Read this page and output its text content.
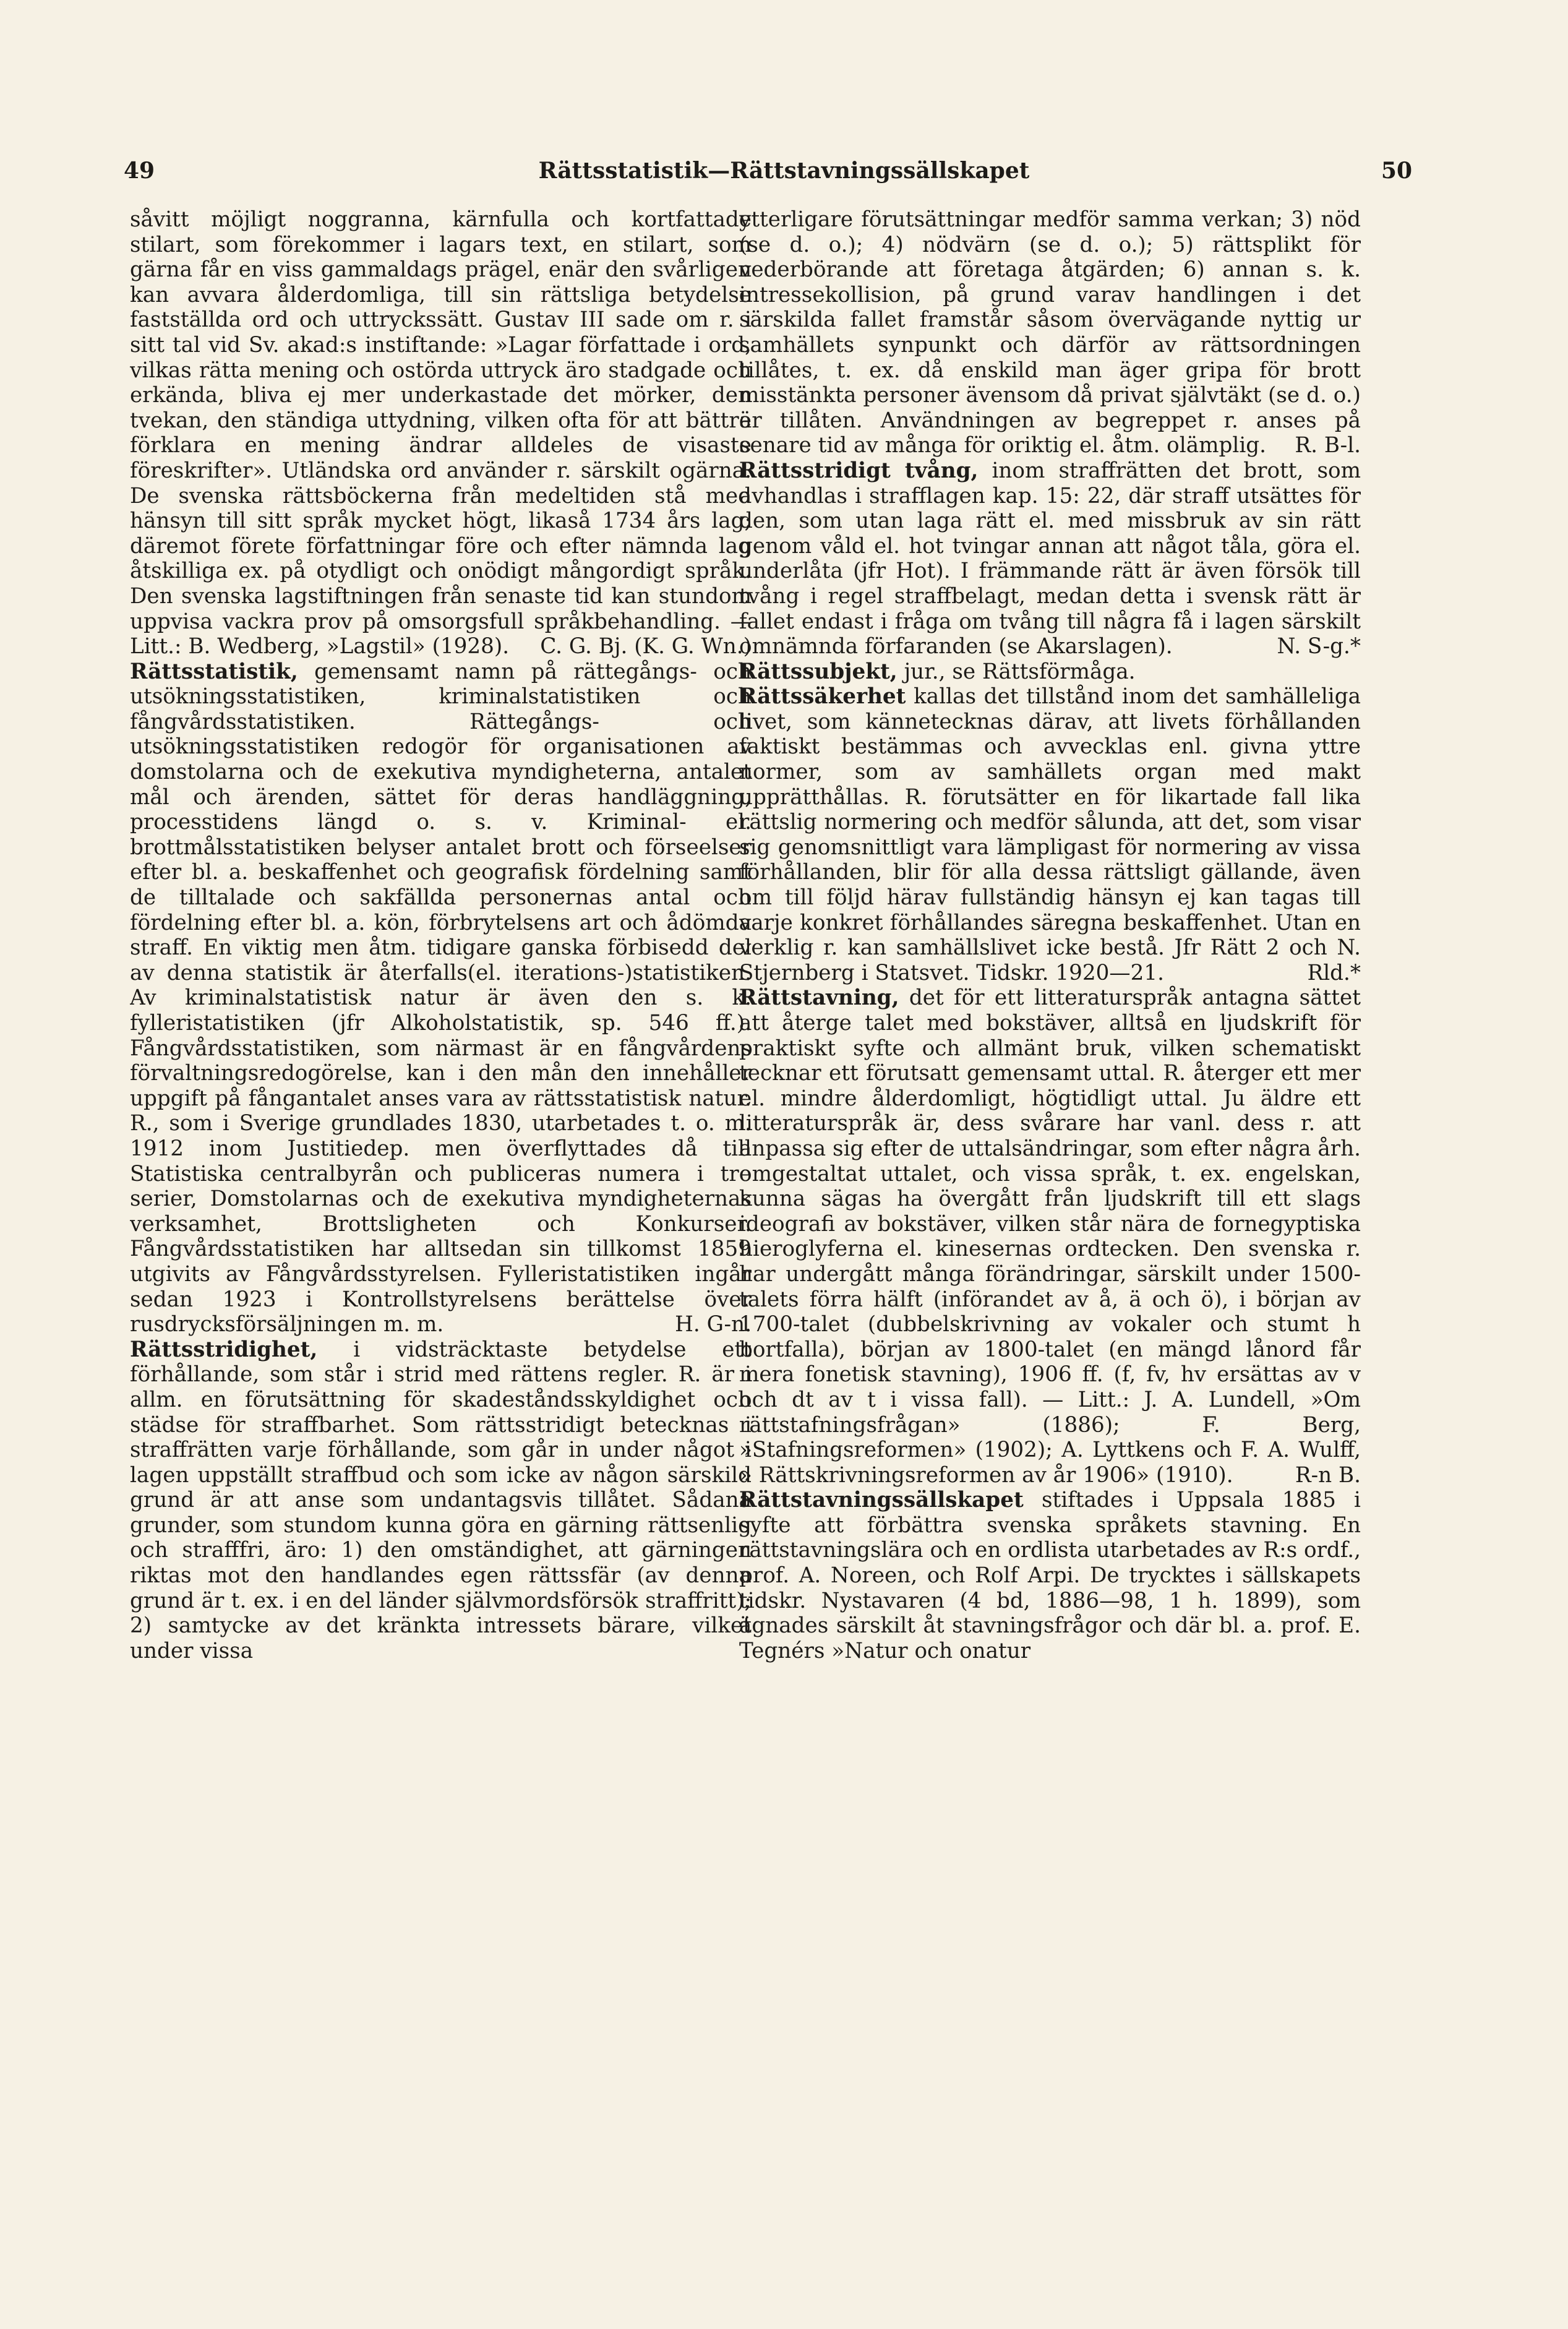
49	Rättsstatistik—Rättstavningssällskapet	50

såvitt möjligt noggranna, kärnfulla och kortfattade stilart, som förekommer i lagars text, en stilart, som gärna får en viss gammaldags prägel, enär den svårligen kan avvara ålderdomliga, till sin rättsliga betydelse fastställda ord och uttryckssätt. Gustav III sade om r. i sitt tal vid Sv. akad:s instiftande: »Lagar författade i ord, vilkas rätta mening och ostörda uttryck äro stadgade och erkända, bliva ej mer underkastade det mörker, den tvekan, den ständiga uttydning, vilken ofta för att bättre förklara en mening ändrar alldeles de visaste föreskrifter». Utländska ord använder r. särskilt ogärna. De svenska rättsböckerna från medeltiden stå med hänsyn till sitt språk mycket högt, likaså 1734 års lag; däremot förete författningar före och efter nämnda lag åtskilliga ex. på otydligt och onödigt mångordigt språk. Den svenska lagstiftningen från senaste tid kan stundom uppvisa vackra prov på omsorgsfull språkbehandling. — Litt.: B. Wedberg, »Lagstil» (1928).	C. G. Bj. (K. G. Wn.)

Rättsstatistik, gemensamt namn på rättegångs- och utsökningsstatistiken, kriminalstatistiken och fångvårdsstatistiken. Rättegångs- och utsökningsstatistiken redogör för organisationen av domstolarna och de exekutiva myndigheterna, antalet mål och ärenden, sättet för deras handläggning, processtidens längd o. s. v. Kriminal- el. brottmålsstatistiken belyser antalet brott och förseelser efter bl. a. beskaffenhet och geografisk fördelning samt de tilltalade och sakfällda personernas antal och fördelning efter bl. a. kön, förbrytelsens art och ådömda straff. En viktig men åtm. tidigare ganska förbisedd del av denna statistik är återfalls(el. iterations-)statistiken. Av kriminalstatistisk natur är även den s. k. fylleristatistiken (jfr Alkoholstatistik, sp. 546 ff.). Fångvårdsstatistiken, som närmast är en fångvårdens förvaltningsredogörelse, kan i den mån den innehåller uppgift på fångantalet anses vara av rättsstatistisk natur. R., som i Sverige grundlades 1830, utarbetades t. o. m. 1912 inom Justitiedep. men överflyttades då till Statistiska centralbyrån och publiceras numera i tre serier, Domstolarnas och de exekutiva myndigheternas verksamhet, Brottsligheten och Konkurser. Fångvårdsstatistiken har alltsedan sin tillkomst 1859 utgivits av Fångvårdsstyrelsen. Fylleristatistiken ingår sedan 1923 i Kontrollstyrelsens berättelse över rusdrycksförsäljningen m. m.	H. G-n.

Rättsstridighet, i vidsträcktaste betydelse ett förhållande, som står i strid med rättens regler. R. är i allm. en förutsättning för skadeståndsskyldighet och städse för straffbarhet. Som rättsstridigt betecknas i straffrätten varje förhållande, som går in under något i lagen uppställt straffbud och som icke av någon särskild grund är att anse som undantagsvis tillåtet. Sådana grunder, som stundom kunna göra en gärning rättsenlig och strafffri, äro: 1) den omständighet, att gärningen riktas mot den handlandes egen rättssfär (av denna grund är t. ex. i en del länder självmordsförsök straffritt); 2) samtycke av det kränkta intressets bärare, vilket under vissa

ytterligare förutsättningar medför samma verkan; 3) nöd (se d. o.); 4) nödvärn (se d. o.); 5) rättsplikt för vederbörande att företaga åtgärden; 6) annan s. k. intressekollision, på grund varav handlingen i det särskilda fallet framstår såsom övervägande nyttig ur samhällets synpunkt och därför av rättsordningen tillåtes, t. ex. då enskild man äger gripa för brott misstänkta personer ävensom då privat självtäkt (se d. o.) är tillåten. Användningen av begreppet r. anses på senare tid av många för oriktig el. åtm. olämplig.	R. B-l.

Rättsstridigt tvång, inom straffrätten det brott, som avhandlas i strafflagen kap. 15: 22, där straff utsättes för den, som utan laga rätt el. med missbruk av sin rätt genom våld el. hot tvingar annan att något tåla, göra el. underlåta (jfr Hot). I främmande rätt är även försök till tvång i regel straffbelagt, medan detta i svensk rätt är fallet endast i fråga om tvång till några få i lagen särskilt omnämnda förfaranden (se Akarslagen).	N. S-g.*

Rättssubjekt, jur., se Rättsförmåga.

Rättssäkerhet kallas det tillstånd inom det samhälleliga livet, som kännetecknas därav, att livets förhållanden faktiskt bestämmas och avvecklas enl. givna yttre normer, som av samhällets organ med makt upprätthållas. R. förutsätter en för likartade fall lika rättslig normering och medför sålunda, att det, som visar sig genomsnittligt vara lämpligast för normering av vissa förhållanden, blir för alla dessa rättsligt gällande, även om till följd härav fullständig hänsyn ej kan tagas till varje konkret förhållandes säregna beskaffenhet. Utan en verklig r. kan samhällslivet icke bestå. Jfr Rätt 2 och N. Stjernberg i Statsvet. Tidskr. 1920—21.	Rld.*

Rättstavning, det för ett litteraturspråk antagna sättet att återge talet med bokstäver, alltså en ljudskrift för praktiskt syfte och allmänt bruk, vilken schematiskt tecknar ett förutsatt gemensamt uttal. R. återger ett mer el. mindre ålderdomligt, högtidligt uttal. Ju äldre ett litteraturspråk är, dess svårare har vanl. dess r. att anpassa sig efter de uttalsändringar, som efter några årh. omgestaltat uttalet, och vissa språk, t. ex. engelskan, kunna sägas ha övergått från ljudskrift till ett slags ideografi av bokstäver, vilken står nära de fornegyptiska hieroglyferna el. kinesernas ordtecken. Den svenska r. har undergått många förändringar, särskilt under 1500-talets förra hälft (införandet av å, ä och ö), i början av 1700-talet (dubbelskrivning av vokaler och stumt h bortfalla), början av 1800-talet (en mängd lånord får mera fonetisk stavning), 1906 ff. (f, fv, hv ersättas av v och dt av t i vissa fall). — Litt.: J. A. Lundell, »Om rättstafningsfrågan» (1886); F. Berg, »Stafningsreformen» (1902); A. Lyttkens och F. A. Wulff, » Rättskrivningsreformen av år 1906» (1910).	R-n B.

Rättstavningssällskapet stiftades i Uppsala 1885 i syfte att förbättra svenska språkets stavning. En rättstavningslära och en ordlista utarbetades av R:s ordf., prof. A. Noreen, och Rolf Arpi. De trycktes i sällskapets tidskr. Nystavaren (4 bd, 1886—98, 1 h. 1899), som ägnades särskilt åt stavningsfrågor och där bl. a. prof. E. Tegnérs »Natur och onatur
